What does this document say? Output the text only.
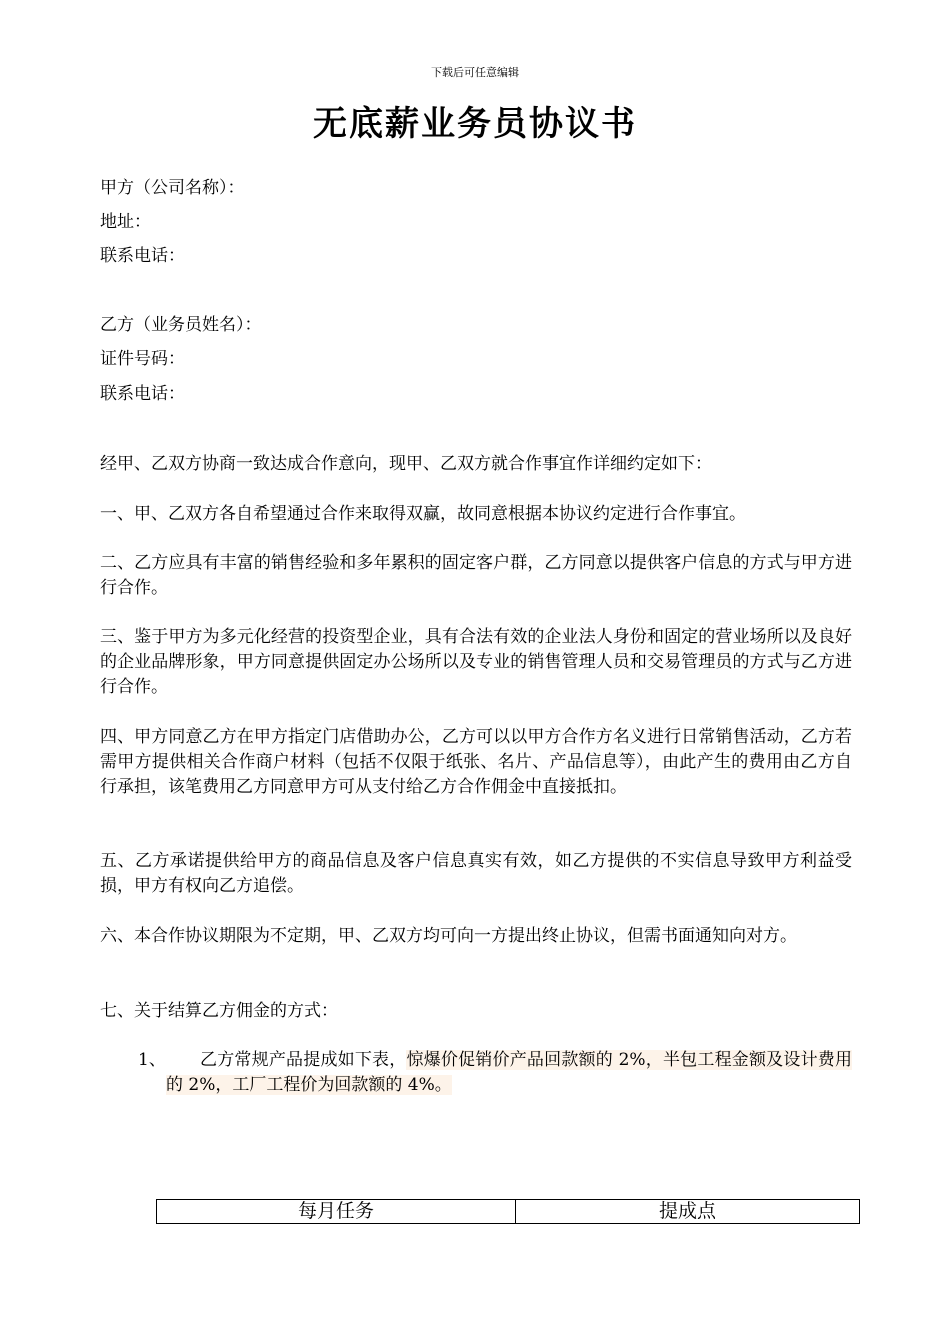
下载后可任意编辑
无底薪业务员协议书
甲方（公司名称）：
地址：
联系电话：
乙方（业务员姓名）：
证件号码：
联系电话：
经甲、乙双方协商一致达成合作意向，现甲、乙双方就合作事宜作详细约定如下：
一、甲、乙双方各自希望通过合作来取得双赢，故同意根据本协议约定进行合作事宜。
二、乙方应具有丰富的销售经验和多年累积的固定客户群，乙方同意以提供客户信息的方式与甲方进行合作。
三、鉴于甲方为多元化经营的投资型企业，具有合法有效的企业法人身份和固定的营业场所以及良好的企业品牌形象，甲方同意提供固定办公场所以及专业的销售管理人员和交易管理员的方式与乙方进行合作。
四、甲方同意乙方在甲方指定门店借助办公，乙方可以以甲方合作方名义进行日常销售活动，乙方若需甲方提供相关合作商户材料（包括不仅限于纸张、名片、产品信息等），由此产生的费用由乙方自行承担，该笔费用乙方同意甲方可从支付给乙方合作佣金中直接抵扣。
五、乙方承诺提供给甲方的商品信息及客户信息真实有效，如乙方提供的不实信息导致甲方利益受损，甲方有权向乙方追偿。
六、本合作协议期限为不定期，甲、乙双方均可向一方提出终止协议，但需书面通知向对方。
七、关于结算乙方佣金的方式：
1、	乙方常规产品提成如下表，惊爆价促销价产品回款额的 2%，半包工程金额及设计费用的 2%，工厂工程价为回款额的 4%。
每月任务	提成点
